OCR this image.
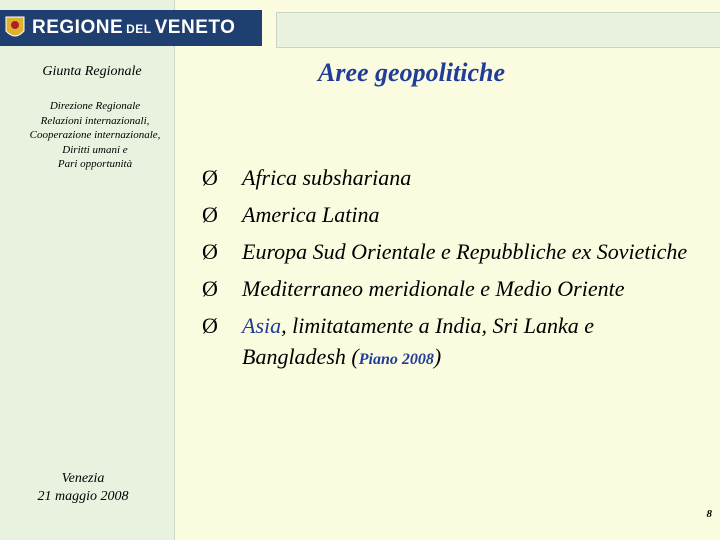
REGIONE DEL VENETO
Giunta Regionale
Direzione Regionale
Relazioni internazionali,
Cooperazione internazionale,
Diritti umani e
Pari opportunità
Aree geopolitiche
Ø Africa subshariana
Ø America Latina
Ø Europa Sud Orientale e Repubbliche ex Sovietiche
Ø Mediterraneo meridionale e Medio Oriente
Ø Asia, limitatamente a India, Sri Lanka e Bangladesh (Piano 2008)
Venezia
21 maggio 2008
8
